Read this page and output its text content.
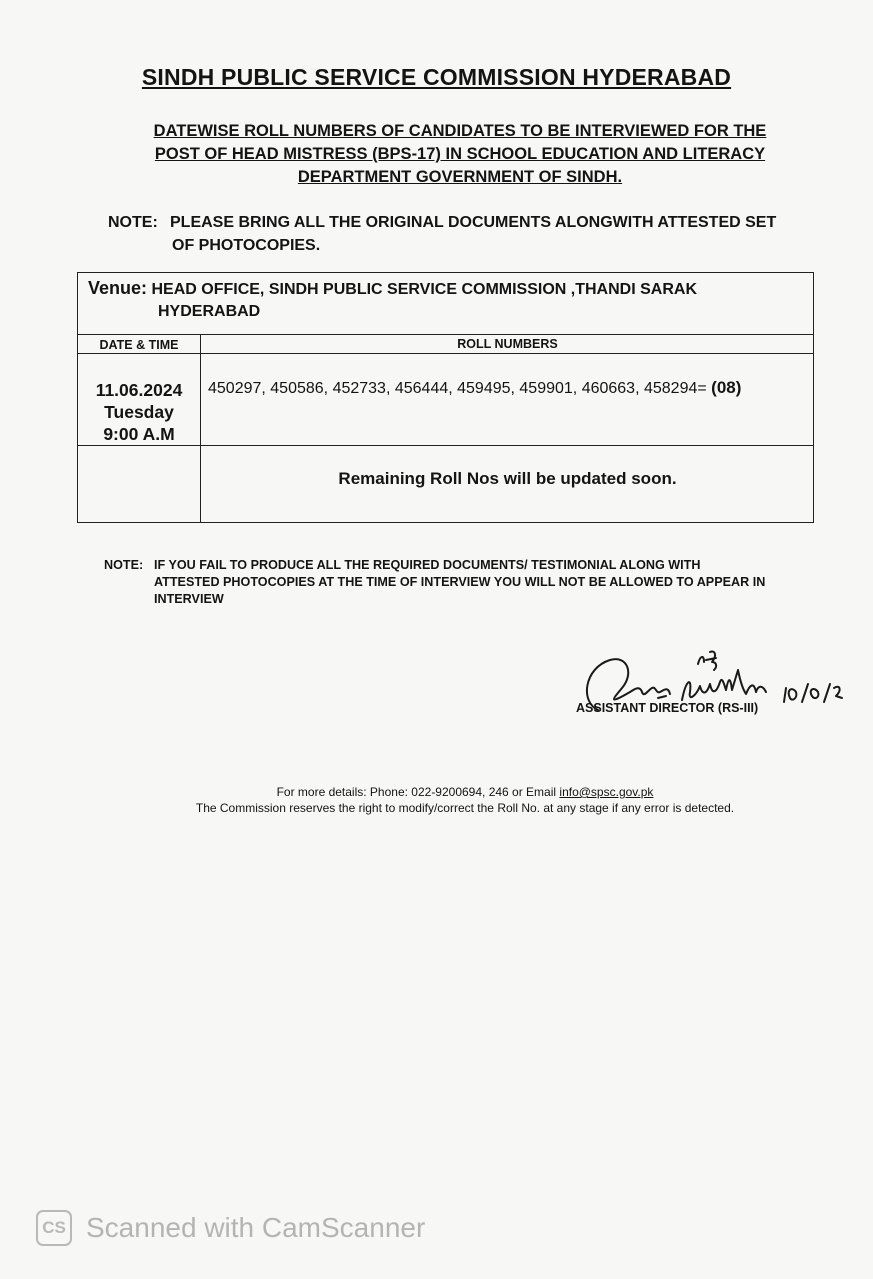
SINDH PUBLIC SERVICE COMMISSION HYDERABAD
DATEWISE ROLL NUMBERS OF CANDIDATES TO BE INTERVIEWED FOR THE
POST OF HEAD MISTRESS (BPS-17) IN SCHOOL EDUCATION AND LITERACY
DEPARTMENT GOVERNMENT OF SINDH.
NOTE: PLEASE BRING ALL THE ORIGINAL DOCUMENTS ALONGWITH ATTESTED SET
OF PHOTOCOPIES.
Venue: HEAD OFFICE, SINDH PUBLIC SERVICE COMMISSION ,THANDI SARAK
HYDERABAD
DATE & TIME	ROLL NUMBERS
11.06.2024
Tuesday
9:00 A.M
450297, 450586, 452733, 456444, 459495, 459901, 460663, 458294= (08)
Remaining Roll Nos will be updated soon.
NOTE: IF YOU FAIL TO PRODUCE ALL THE REQUIRED DOCUMENTS/ TESTIMONIAL ALONG WITH
ATTESTED PHOTOCOPIES AT THE TIME OF INTERVIEW YOU WILL NOT BE ALLOWED TO APPEAR IN
INTERVIEW
ASSISTANT DIRECTOR (RS-III)
For more details: Phone: 022-9200694, 246 or Email info@spsc.gov.pk
The Commission reserves the right to modify/correct the Roll No. at any stage if any error is detected.
CS Scanned with CamScanner
